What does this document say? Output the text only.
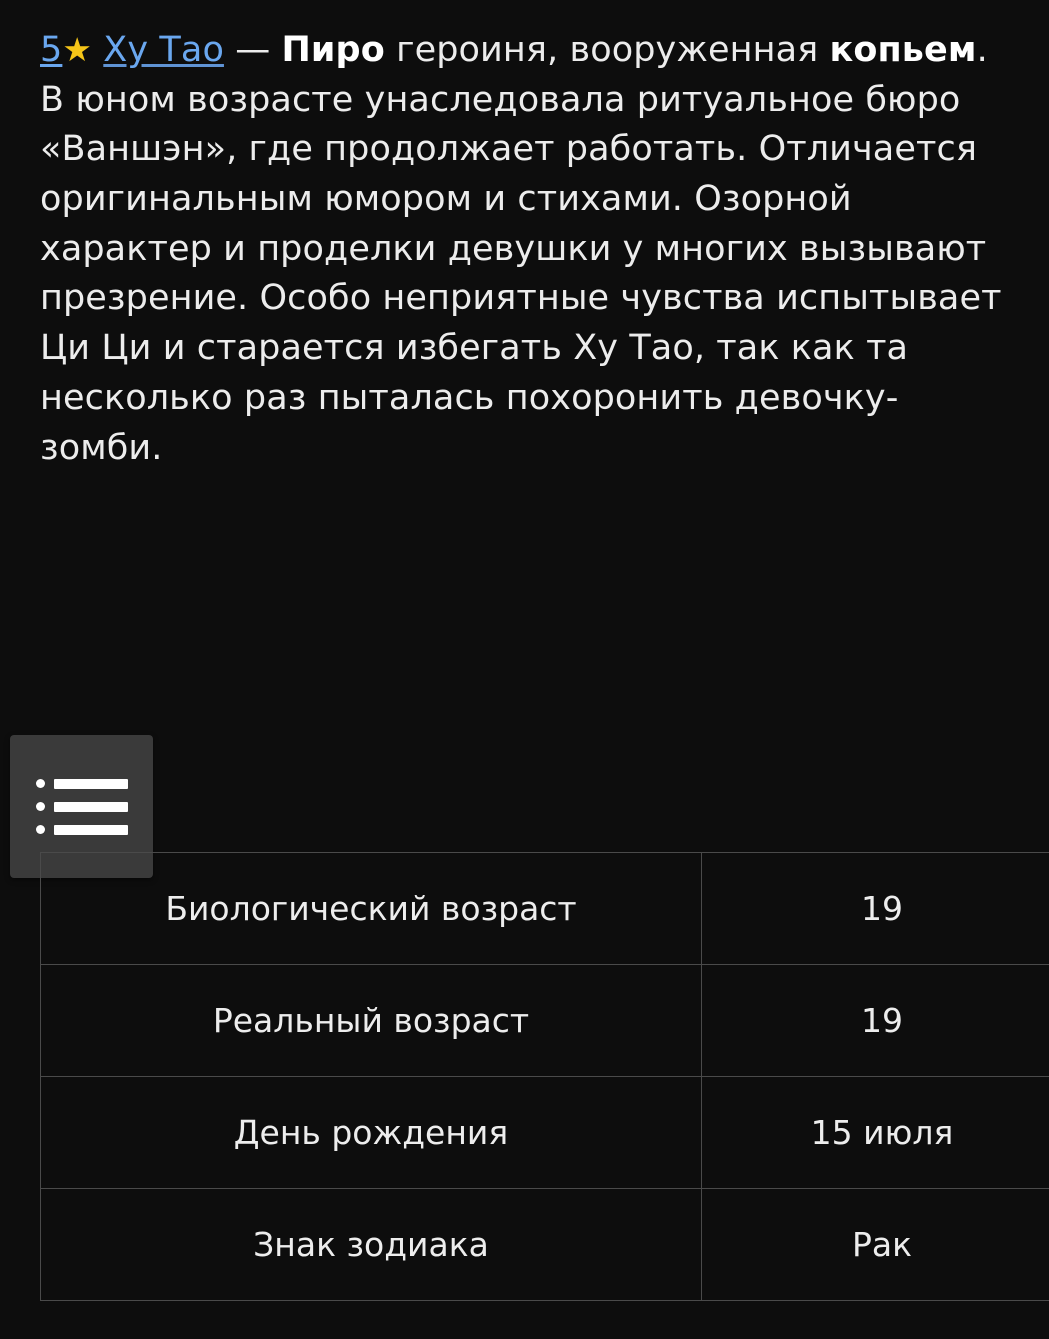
5★ Ху Тао — Пиро героиня, вооруженная копьем. В юном возрасте унаследовала ритуальное бюро «Ваншэн», где продолжает работать. Отличается оригинальным юмором и стихами. Озорной характер и проделки девушки у многих вызывают презрение. Особо неприятные чувства испытывает Ци Ци и старается избегать Ху Тао, так как та несколько раз пыталась похоронить девочку-зомби.

Биологический возраст	19
Реальный возраст	19
День рождения	15 июля
Знак зодиака	Рак
